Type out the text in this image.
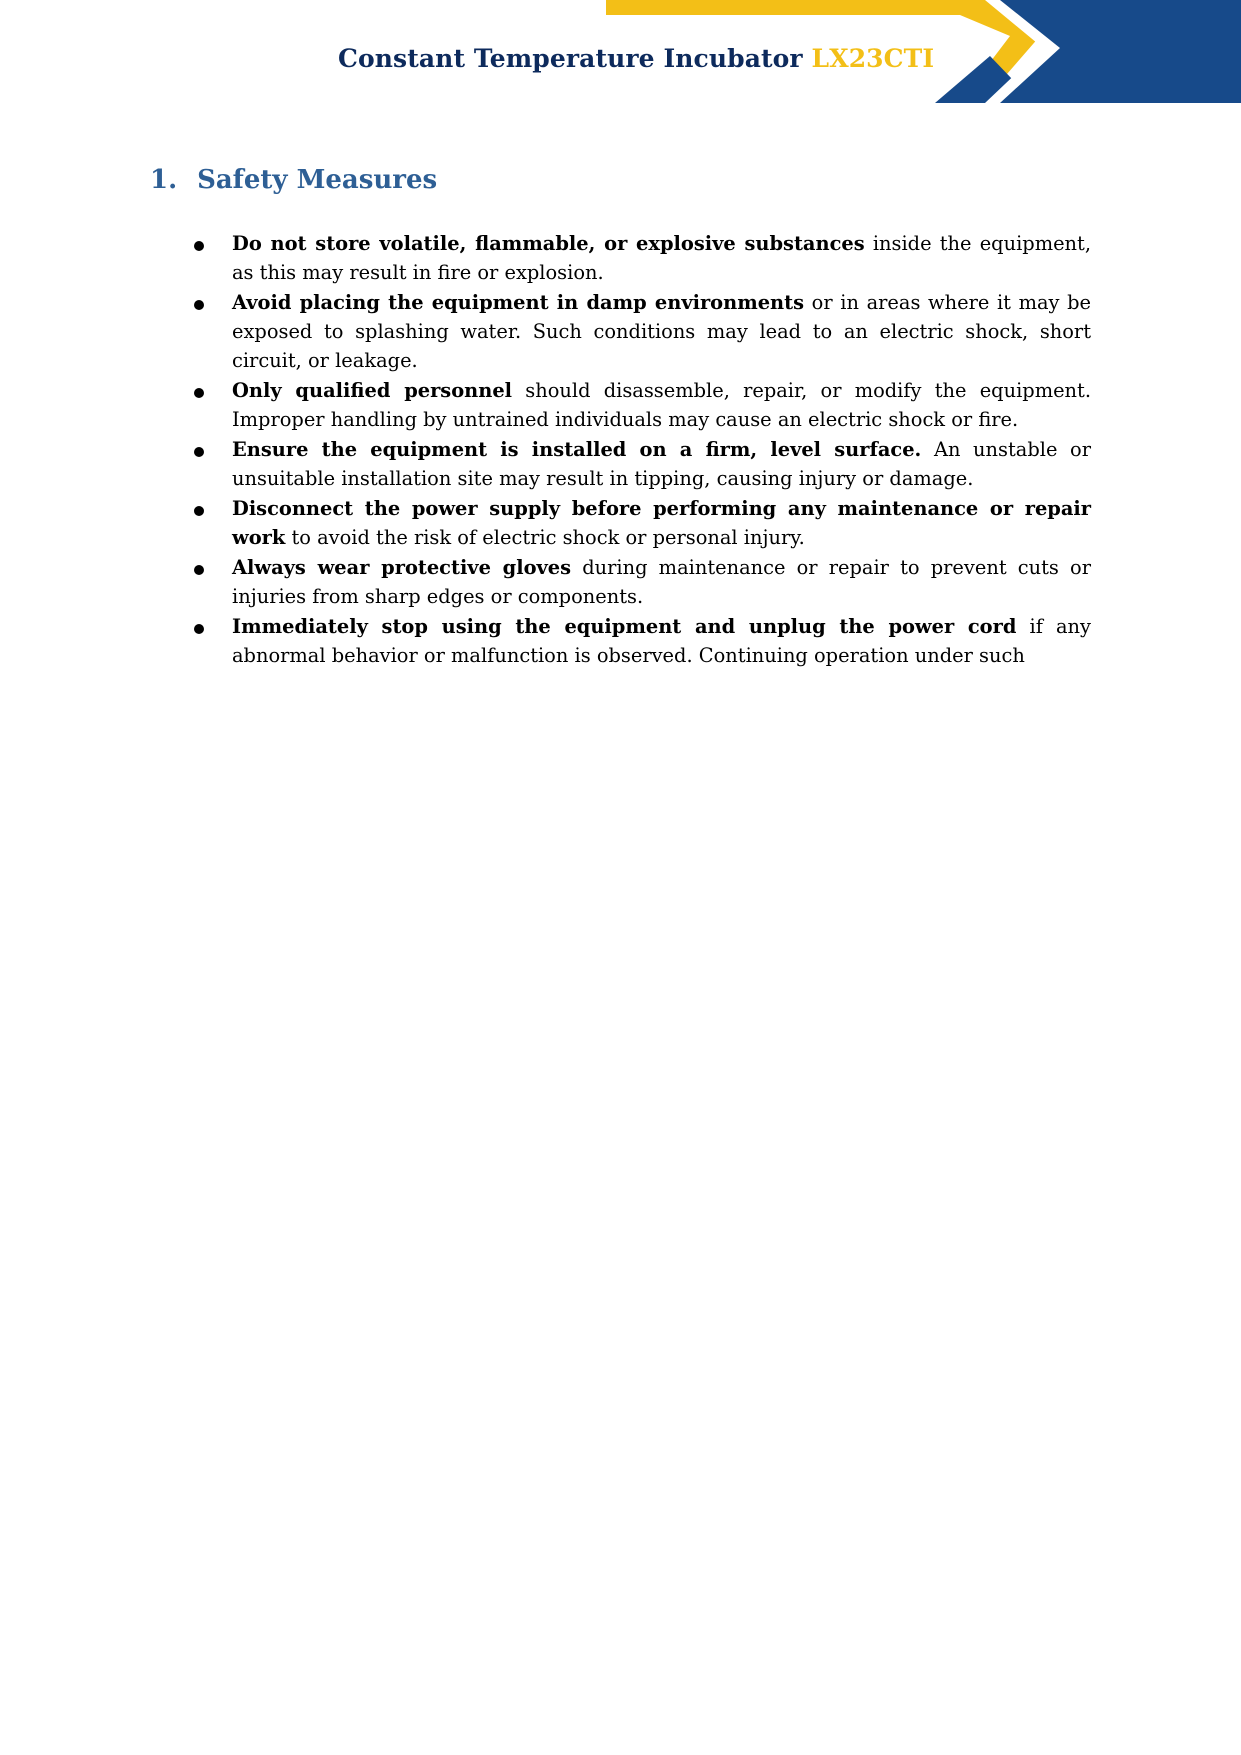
Constant Temperature Incubator LX23CTI
1. Safety Measures
Do not store volatile, flammable, or explosive substances inside the equipment, as this may result in fire or explosion.
Avoid placing the equipment in damp environments or in areas where it may be exposed to splashing water. Such conditions may lead to an electric shock, short circuit, or leakage.
Only qualified personnel should disassemble, repair, or modify the equipment. Improper handling by untrained individuals may cause an electric shock or fire.
Ensure the equipment is installed on a firm, level surface. An unstable or unsuitable installation site may result in tipping, causing injury or damage.
Disconnect the power supply before performing any maintenance or repair work to avoid the risk of electric shock or personal injury.
Always wear protective gloves during maintenance or repair to prevent cuts or injuries from sharp edges or components.
Immediately stop using the equipment and unplug the power cord if any abnormal behavior or malfunction is observed. Continuing operation under such
